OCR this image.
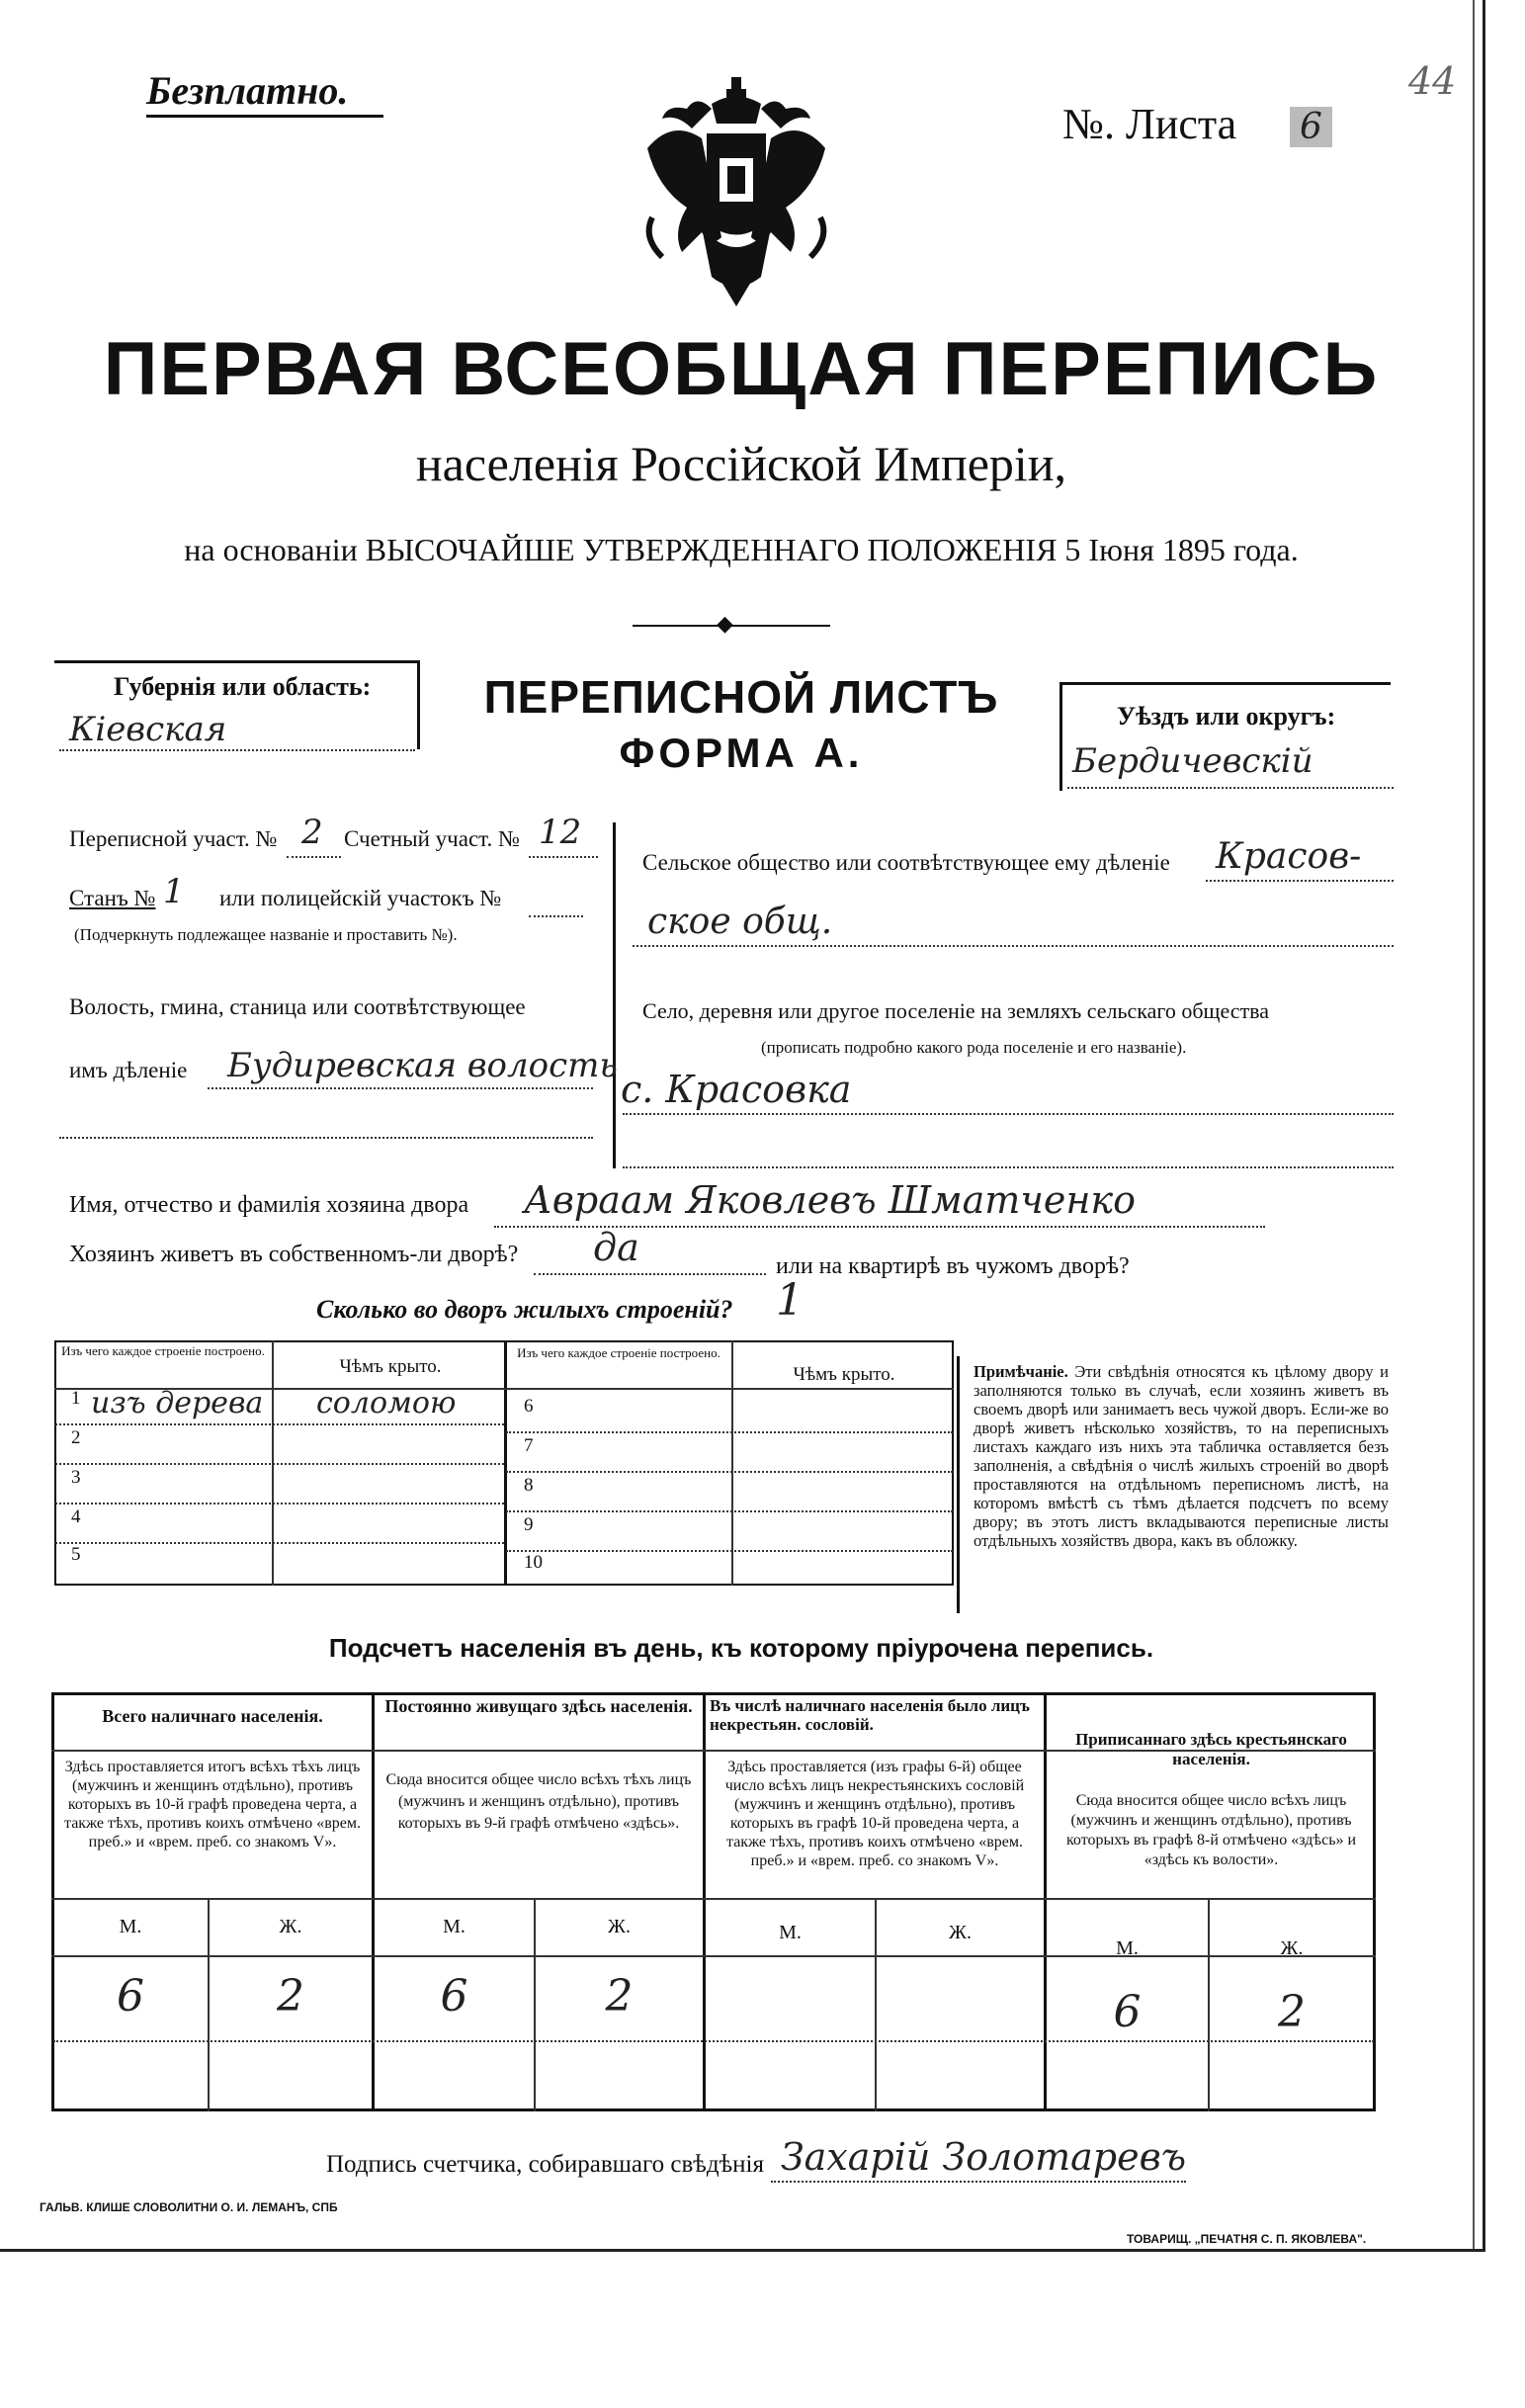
Безплатно.
№. Листа 6
44
ПЕРВАЯ ВСЕОБЩАЯ ПЕРЕПИСЬ
населенія Россійской Имперіи,
на основаніи ВЫСОЧАЙШЕ УТВЕРЖДЕННАГО ПОЛОЖЕНІЯ 5 Іюня 1895 года.
◆
Губернія или область:
Кіевская
ПЕРЕПИСНОЙ ЛИСТЪ
ФОРМА А.
Уѣздъ или округъ:
Бердичевскій
Переписной участ. № 2 Счетный участ. № 12
Станъ № 1 или полицейскій участокъ №
(Подчеркнуть подлежащее названіе и проставить №).
Волость, гмина, станица или соотвѣтствующее
имъ дѣленіе Будиревская волость
Сельское общество или соотвѣтствующее ему дѣленіе Красов-
ское общ.
Село, деревня или другое поселеніе на земляхъ сельскаго общества
(прописать подробно какого рода поселеніе и его названіе).
с. Красовка
Имя, отчество и фамилія хозяина двора Авраам Яковлевъ Шматченко
Хозяинъ живетъ въ собственномъ-ли дворѣ? да	или на квартирѣ въ чужомъ дворѣ?
Сколько во дворъ жилыхъ строеній? 1
Изъ чего каждое строеніе построено.
Чѣмъ крыто.
Изъ чего каждое строеніе построено.
Чѣмъ крыто.
1 изъ дерева соломою
2
3
4
5
6
7
8
9
10
Примѣчаніе. Эти свѣдѣнія относятся къ цѣлому двору и заполняются только въ случаѣ, если хозяинъ живетъ въ своемъ дворѣ или занимаетъ весь чужой дворъ. Если-же во дворѣ живетъ нѣсколько хозяйствъ, то на переписныхъ листахъ каждаго изъ нихъ эта табличка оставляется безъ заполненія, а свѣдѣнія о числѣ жилыхъ строеній во дворѣ проставляются на отдѣльномъ переписномъ листѣ, на которомъ вмѣстѣ съ тѣмъ дѣлается подсчетъ по всему двору; въ этотъ листъ вкладываются переписные листы отдѣльныхъ хозяйствъ двора, какъ въ обложку.
Подсчетъ населенія въ день, къ которому пріурочена перепись.
Всего наличнаго населенія.
Здѣсь проставляется итогъ всѣхъ тѣхъ лицъ (мужчинъ и женщинъ отдѣльно), противъ которыхъ въ 10-й графѣ проведена черта, а также тѣхъ, противъ коихъ отмѣчено «врем. преб.» и «врем. преб. со знакомъ V».
М.	Ж.
6	2
Постоянно живущаго здѣсь населенія.
Сюда вносится общее число всѣхъ тѣхъ лицъ (мужчинъ и женщинъ отдѣльно), противъ которыхъ въ 9-й графѣ отмѣчено «здѣсь».
М.	Ж.
6	2
Въ числѣ наличнаго населенія было лицъ некрестьян. сословій.
Здѣсь проставляется (изъ графы 6-й) общее число всѣхъ лицъ некрестьянскихъ сословій (мужчинъ и женщинъ отдѣльно), противъ которыхъ въ графѣ 10-й проведена черта, а также тѣхъ, противъ коихъ отмѣчено «врем. преб.» и «врем. преб. со знакомъ V».
М.	Ж.
Приписаннаго здѣсь крестьянскаго населенія.
Сюда вносится общее число всѣхъ лицъ (мужчинъ и женщинъ отдѣльно), противъ которыхъ въ графѣ 8-й отмѣчено «здѣсь» и «здѣсь къ волости».
М.	Ж.
6	2
Подпись счетчика, собиравшаго свѣдѣнія Захарій Золотаревъ
ГАЛЬВ. КЛИШЕ СЛОВОЛИТНИ О. И. ЛЕМАНЪ, СПБ
ТОВАРИЩ. „ПЕЧАТНЯ С. П. ЯКОВЛЕВА".
